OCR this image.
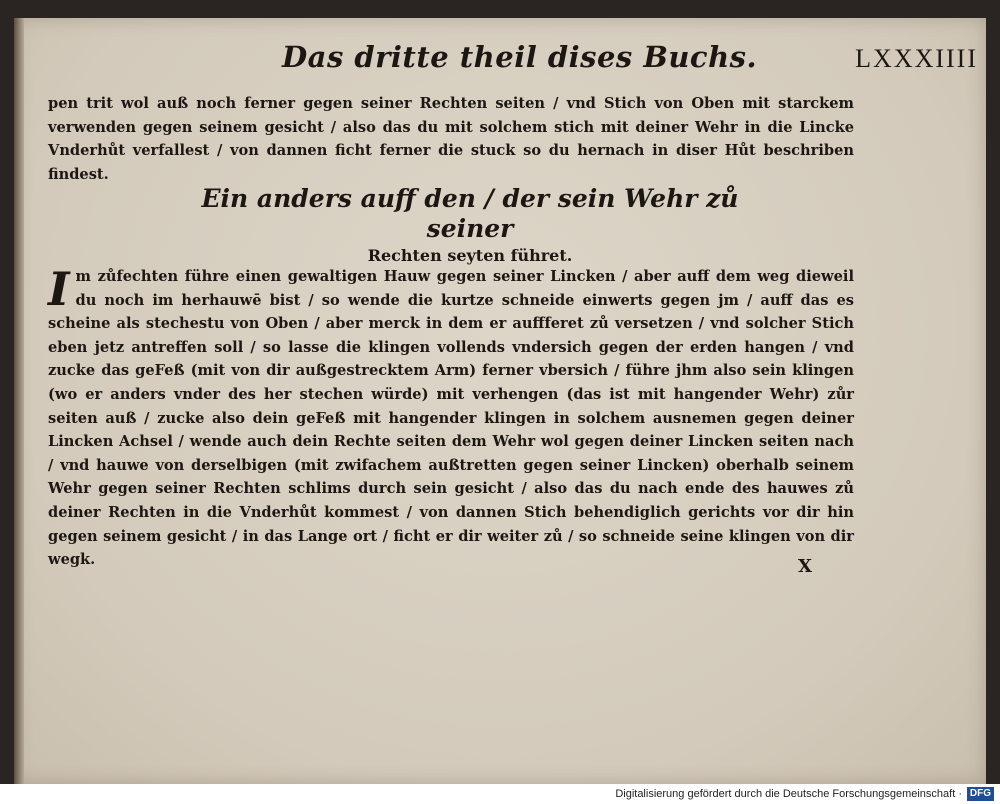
Das dritte theil dises Buchs.	LXXXIIII
pen trit wol auß noch ferner gegen seiner Rechten seiten / vnd Stich von Oben mit starckem verwenden gegen seinem gesicht / also das du mit solchem stich mit deiner Wehr in die Lincke Vnderhůt verfallest / von dannen ficht ferner die stuck so du hernach in diser Hůt beschriben findest.
Ein anders auff den / der sein Wehr zů seiner
Rechten seyten führet.
I m zůfechten führe einen gewaltigen Hauw gegen seiner Lincken / aber auff dem weg dieweil du noch im herhauwē bist / so wende die kurtze schneide einwerts gegen jm / auff das es scheine als stechestu von Oben / aber merck in dem er auffferet zů versetzen / vnd solcher Stich eben jetz antreffen soll / so lasse die klingen vollends vndersich gegen der erden hangen / vnd zucke das geFeß (mit von dir außgestrecktem Arm) ferner vbersich / führe jhm also sein klingen (wo er anders vnder des her stechen würde) mit verhengen (das ist mit hangender Wehr) zůr seiten auß / zucke also dein geFeß mit hangender klingen in solchem ausnemen gegen deiner Lincken Achsel / wende auch dein Rechte seiten dem Wehr wol gegen deiner Lincken seiten nach / vnd hauwe von derselbigen (mit zwifachem außtretten gegen seiner Lincken) oberhalb seinem Wehr gegen seiner Rechten schlims durch sein gesicht / also das du nach ende des hauwes zů deiner Rechten in die Vnderhůt kommest / von dannen Stich behendiglich gerichts vor dir hin gegen seinem gesicht / in das Lange ort / ficht er dir weiter zů / so schneide seine klingen von dir wegk.	X
Digitalisierung gefördert durch die Deutsche Forschungsgemeinschaft · DFG
